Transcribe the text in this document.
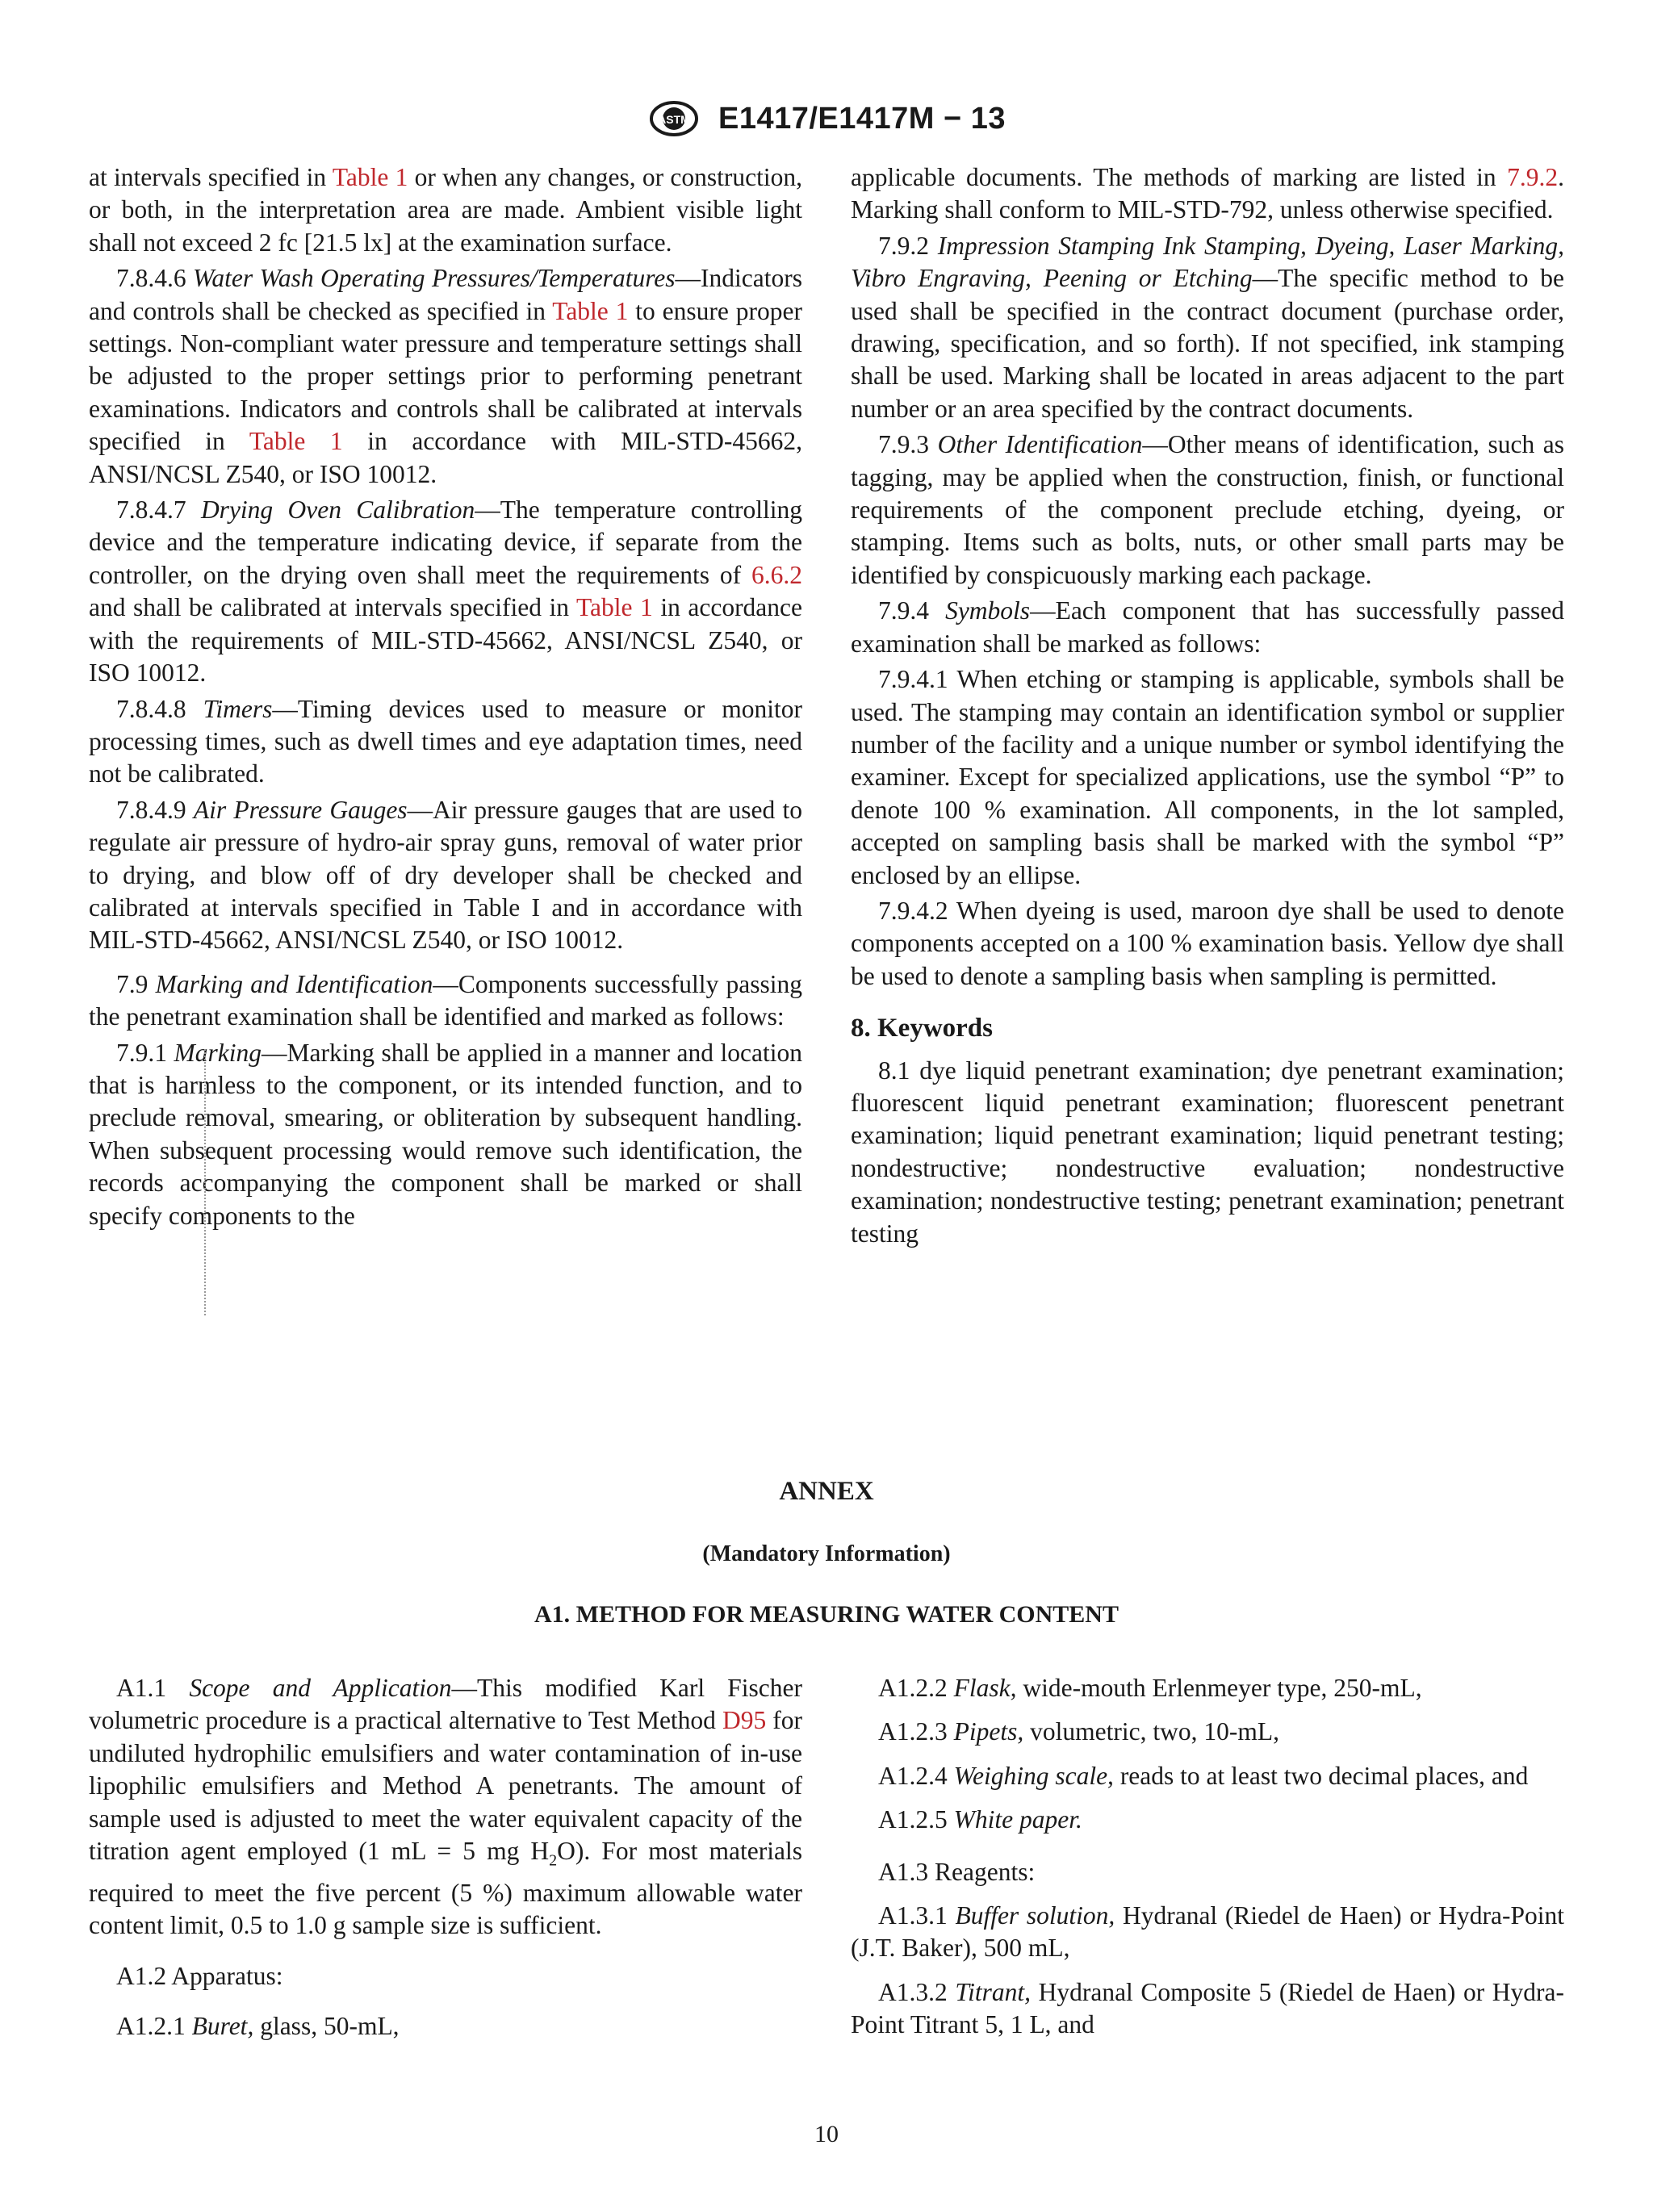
ASTM E1417/E1417M − 13

at intervals specified in Table 1 or when any changes, or construction, or both, in the interpretation area are made. Ambient visible light shall not exceed 2 fc [21.5 lx] at the examination surface.

7.8.4.6 Water Wash Operating Pressures/Temperatures—Indicators and controls shall be checked as specified in Table 1 to ensure proper settings. Non-compliant water pressure and temperature settings shall be adjusted to the proper settings prior to performing penetrant examinations. Indicators and controls shall be calibrated at intervals specified in Table 1 in accordance with MIL-STD-45662, ANSI/NCSL Z540, or ISO 10012.

7.8.4.7 Drying Oven Calibration—The temperature controlling device and the temperature indicating device, if separate from the controller, on the drying oven shall meet the requirements of 6.6.2 and shall be calibrated at intervals specified in Table 1 in accordance with the requirements of MIL-STD-45662, ANSI/NCSL Z540, or ISO 10012.

7.8.4.8 Timers—Timing devices used to measure or monitor processing times, such as dwell times and eye adaptation times, need not be calibrated.

7.8.4.9 Air Pressure Gauges—Air pressure gauges that are used to regulate air pressure of hydro-air spray guns, removal of water prior to drying, and blow off of dry developer shall be checked and calibrated at intervals specified in Table I and in accordance with MIL-STD-45662, ANSI/NCSL Z540, or ISO 10012.

7.9 Marking and Identification—Components successfully passing the penetrant examination shall be identified and marked as follows:

7.9.1 Marking—Marking shall be applied in a manner and location that is harmless to the component, or its intended function, and to preclude removal, smearing, or obliteration by subsequent handling. When subsequent processing would remove such identification, the records accompanying the component shall be marked or shall specify components to the

applicable documents. The methods of marking are listed in 7.9.2. Marking shall conform to MIL-STD-792, unless otherwise specified.

7.9.2 Impression Stamping Ink Stamping, Dyeing, Laser Marking, Vibro Engraving, Peening or Etching—The specific method to be used shall be specified in the contract document (purchase order, drawing, specification, and so forth). If not specified, ink stamping shall be used. Marking shall be located in areas adjacent to the part number or an area specified by the contract documents.

7.9.3 Other Identification—Other means of identification, such as tagging, may be applied when the construction, finish, or functional requirements of the component preclude etching, dyeing, or stamping. Items such as bolts, nuts, or other small parts may be identified by conspicuously marking each package.

7.9.4 Symbols—Each component that has successfully passed examination shall be marked as follows:

7.9.4.1 When etching or stamping is applicable, symbols shall be used. The stamping may contain an identification symbol or supplier number of the facility and a unique number or symbol identifying the examiner. Except for specialized applications, use the symbol “P” to denote 100 % examination. All components, in the lot sampled, accepted on sampling basis shall be marked with the symbol “P” enclosed by an ellipse.

7.9.4.2 When dyeing is used, maroon dye shall be used to denote components accepted on a 100 % examination basis. Yellow dye shall be used to denote a sampling basis when sampling is permitted.

8. Keywords

8.1 dye liquid penetrant examination; dye penetrant examination; fluorescent liquid penetrant examination; fluorescent penetrant examination; liquid penetrant examination; liquid penetrant testing; nondestructive; nondestructive evaluation; nondestructive examination; nondestructive testing; penetrant examination; penetrant testing

ANNEX
(Mandatory Information)
A1. METHOD FOR MEASURING WATER CONTENT

A1.1 Scope and Application—This modified Karl Fischer volumetric procedure is a practical alternative to Test Method D95 for undiluted hydrophilic emulsifiers and water contamination of in-use lipophilic emulsifiers and Method A penetrants. The amount of sample used is adjusted to meet the water equivalent capacity of the titration agent employed (1 mL = 5 mg $H_2O$). For most materials required to meet the five percent (5 %) maximum allowable water content limit, 0.5 to 1.0 g sample size is sufficient.

A1.2 Apparatus:

A1.2.1 Buret, glass, 50-mL,

A1.2.2 Flask, wide-mouth Erlenmeyer type, 250-mL,

A1.2.3 Pipets, volumetric, two, 10-mL,

A1.2.4 Weighing scale, reads to at least two decimal places, and

A1.2.5 White paper.

A1.3 Reagents:

A1.3.1 Buffer solution, Hydranal (Riedel de Haen) or Hydra-Point (J.T. Baker), 500 mL,

A1.3.2 Titrant, Hydranal Composite 5 (Riedel de Haen) or Hydra-Point Titrant 5, 1 L, and

10
